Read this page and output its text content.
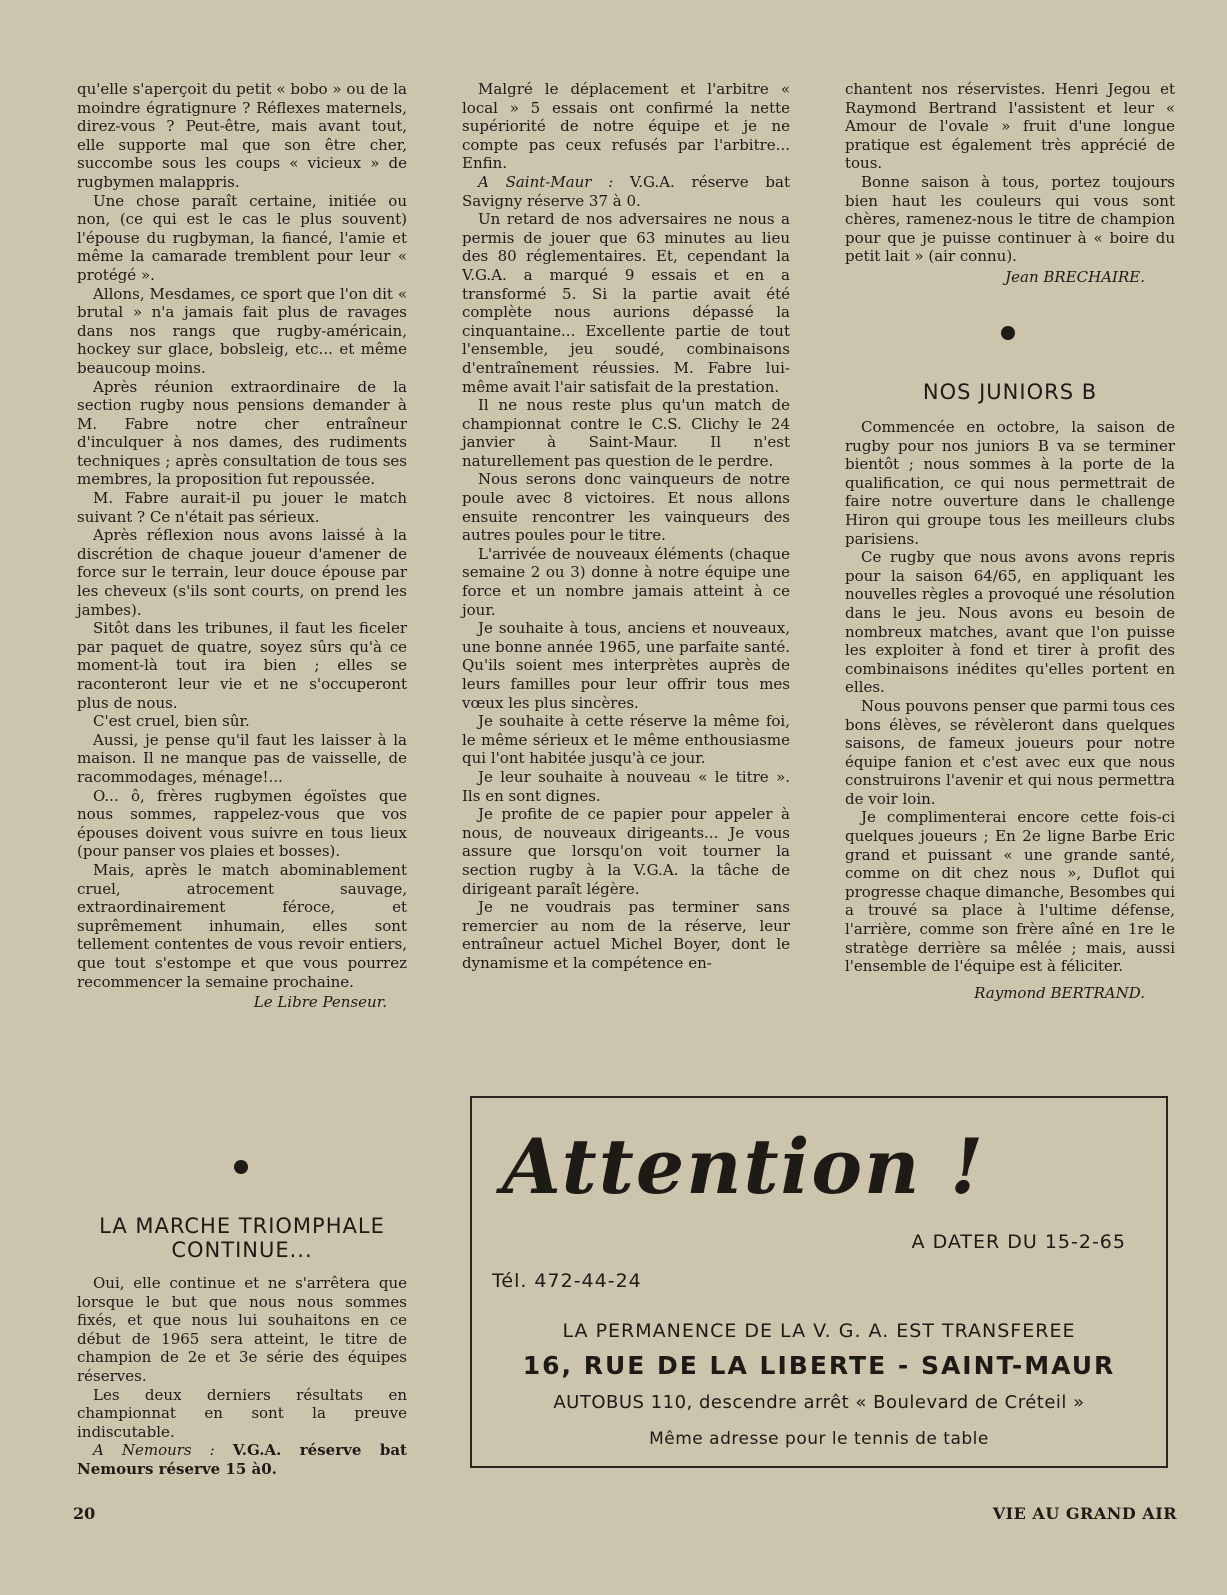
qu'elle s'aperçoit du petit « bobo » ou de la moindre égratignure ? Réflexes maternels, direz-vous ? Peut-être, mais avant tout, elle supporte mal que son être cher, succombe sous les coups « vicieux » de rugbymen malappris.

Une chose paraît certaine, initiée ou non, (ce qui est le cas le plus souvent) l'épouse du rugbyman, la fiancé, l'amie et même la camarade tremblent pour leur « protégé ».

Allons, Mesdames, ce sport que l'on dit « brutal » n'a jamais fait plus de ravages dans nos rangs que rugby-américain, hockey sur glace, bobsleig, etc... et même beaucoup moins.

Après réunion extraordinaire de la section rugby nous pensions demander à M. Fabre notre cher entraîneur d'inculquer à nos dames, des rudiments techniques ; après consultation de tous ses membres, la proposition fut repoussée.

M. Fabre aurait-il pu jouer le match suivant ? Ce n'était pas sérieux.

Après réflexion nous avons laissé à la discrétion de chaque joueur d'amener de force sur le terrain, leur douce épouse par les cheveux (s'ils sont courts, on prend les jambes).

Sitôt dans les tribunes, il faut les ficeler par paquet de quatre, soyez sûrs qu'à ce moment-là tout ira bien ; elles se raconteront leur vie et ne s'occuperont plus de nous.

C'est cruel, bien sûr.

Aussi, je pense qu'il faut les laisser à la maison. Il ne manque pas de vaisselle, de racommodages, ménage!...

O... ô, frères rugbymen égoïstes que nous sommes, rappelez-vous que vos épouses doivent vous suivre en tous lieux (pour panser vos plaies et bosses).

Mais, après le match abominablement cruel, atrocement sauvage, extraordinairement féroce, et suprêmement inhumain, elles sont tellement contentes de vous revoir entiers, que tout s'estompe et que vous pourrez recommencer la semaine prochaine.

Le Libre Penseur.
LA MARCHE TRIOMPHALE
CONTINUE...

Oui, elle continue et ne s'arrêtera que lorsque le but que nous nous sommes fixés, et que nous lui souhaitons en ce début de 1965 sera atteint, le titre de champion de 2e et 3e série des équipes réserves.

Les deux derniers résultats en championnat en sont la preuve indiscutable.

A Nemours : V.G.A. réserve bat Nemours réserve 15 à0.

Malgré le déplacement et l'arbitre « local » 5 essais ont confirmé la nette supériorité de notre équipe et je ne compte pas ceux refusés par l'arbitre... Enfin.

A Saint-Maur : V.G.A. réserve bat Savigny réserve 37 à 0.

Un retard de nos adversaires ne nous a permis de jouer que 63 minutes au lieu des 80 réglementaires. Et, cependant la V.G.A. a marqué 9 essais et en a transformé 5. Si la partie avait été complète nous aurions dépassé la cinquantaine... Excellente partie de tout l'ensemble, jeu soudé, combinaisons d'entraînement réussies. M. Fabre lui-même avait l'air satisfait de la prestation.

Il ne nous reste plus qu'un match de championnat contre le C.S. Clichy le 24 janvier à Saint-Maur. Il n'est naturellement pas question de le perdre.

Nous serons donc vainqueurs de notre poule avec 8 victoires. Et nous allons ensuite rencontrer les vainqueurs des autres poules pour le titre.

L'arrivée de nouveaux éléments (chaque semaine 2 ou 3) donne à notre équipe une force et un nombre jamais atteint à ce jour.

Je souhaite à tous, anciens et nouveaux, une bonne année 1965, une parfaite santé. Qu'ils soient mes interprètes auprès de leurs familles pour leur offrir tous mes vœux les plus sincères.

Je souhaite à cette réserve la même foi, le même sérieux et le même enthousiasme qui l'ont habitée jusqu'à ce jour.

Je leur souhaite à nouveau « le titre ». Ils en sont dignes.

Je profite de ce papier pour appeler à nous, de nouveaux dirigeants... Je vous assure que lorsqu'on voit tourner la section rugby à la V.G.A. la tâche de dirigeant paraît légère.

Je ne voudrais pas terminer sans remercier au nom de la réserve, leur entraîneur actuel Michel Boyer, dont le dynamisme et la compétence en-

chantent nos réservistes. Henri Jegou et Raymond Bertrand l'assistent et leur « Amour de l'ovale » fruit d'une longue pratique est également très apprécié de tous.

Bonne saison à tous, portez toujours bien haut les couleurs qui vous sont chères, ramenez-nous le titre de champion pour que je puisse continuer à « boire du petit lait » (air connu).

Jean BRECHAIRE.
NOS JUNIORS B

Commencée en octobre, la saison de rugby pour nos juniors B va se terminer bientôt ; nous sommes à la porte de la qualification, ce qui nous permettrait de faire notre ouverture dans le challenge Hiron qui groupe tous les meilleurs clubs parisiens.

Ce rugby que nous avons avons repris pour la saison 64/65, en appliquant les nouvelles règles a provoqué une résolution dans le jeu. Nous avons eu besoin de nombreux matches, avant que l'on puisse les exploiter à fond et tirer à profit des combinaisons inédites qu'elles portent en elles.

Nous pouvons penser que parmi tous ces bons élèves, se révèleront dans quelques saisons, de fameux joueurs pour notre équipe fanion et c'est avec eux que nous construirons l'avenir et qui nous permettra de voir loin.

Je complimenterai encore cette fois-ci quelques joueurs ; En 2e ligne Barbe Eric grand et puissant « une grande santé, comme on dit chez nous », Duflot qui progresse chaque dimanche, Besombes qui a trouvé sa place à l'ultime défense, l'arrière, comme son frère aîné en 1re le stratège derrière sa mêlée ; mais, aussi l'ensemble de l'équipe est à féliciter.

Raymond BERTRAND.
Attention !
A DATER DU 15-2-65
Tél. 472-44-24
LA PERMANENCE DE LA V. G. A. EST TRANSFEREE
16, RUE DE LA LIBERTE - SAINT-MAUR
AUTOBUS 110, descendre arrêt « Boulevard de Créteil »
Même adresse pour le tennis de table
20	VIE AU GRAND AIR
